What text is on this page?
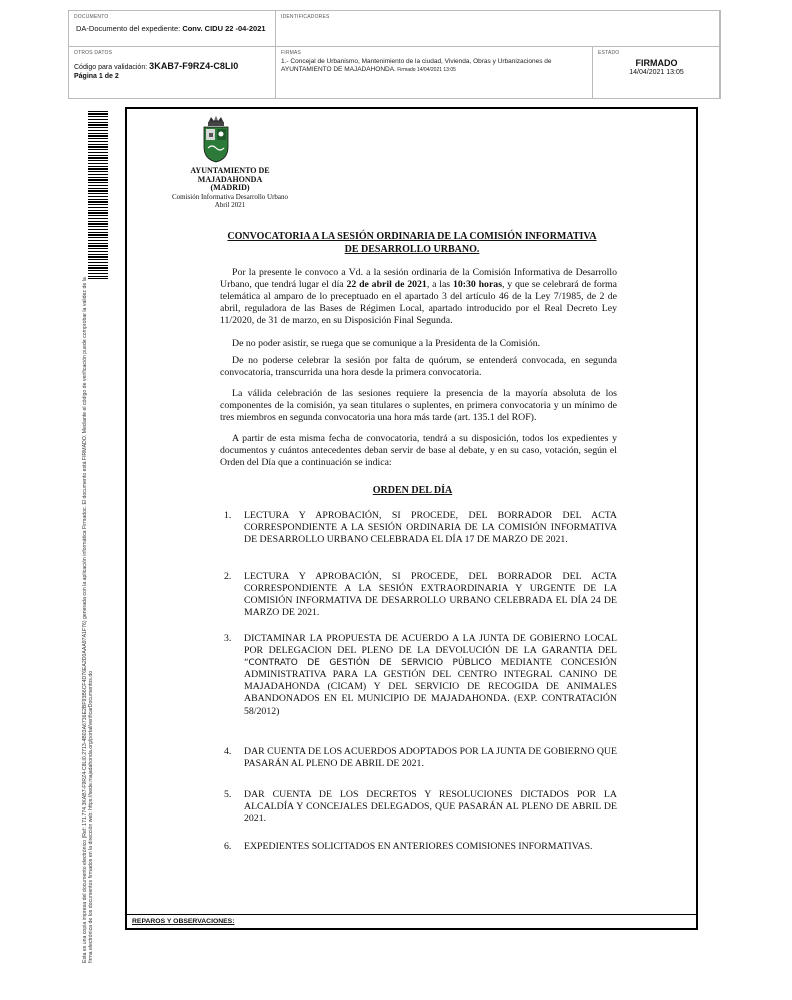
DOCUMENTO
DA-Documento del expediente: Conv. CIDU 22 -04-2021
IDENTIFICADORES
OTROS DATOS
Código para validación: 3KAB7-F9RZ4-C8LI0
Página 1 de 2
FIRMAS
1.- Concejal de Urbanismo, Mantenimiento de la ciudad, Vivienda, Obras y Urbanizaciones de AYUNTAMIENTO DE MAJADAHONDA. Firmado 14/04/2021 13:05
ESTADO
FIRMADO
14/04/2021 13:05
Esta es una copia impresa del documento electrónico (Ref: 171.774.3KAB7-F9RZ4-C8LI0.2713-4B03A6736E2BF93B6CF4D76EA2D0AAA97A1F76) generada con la aplicación informática Firmadoc. El documento está FIRMADO. Mediante el código de verificación puede comprobar la validez de la firma electrónica de los documentos firmados en la dirección web: https://sede.majadahonda.org/portal/verificarDocumentos.do	REPAROS Y OBSERVACIONES:
AYUNTAMIENTO DE
MAJADAHONDA
(MADRID)
Comisión Informativa Desarrollo Urbano
Abril 2021
CONVOCATORIA A LA SESIÓN ORDINARIA DE LA COMISIÓN INFORMATIVA
DE DESARROLLO URBANO.
Por la presente le convoco a Vd. a la sesión ordinaria de la Comisión Informativa de Desarrollo Urbano, que tendrá lugar el día 22 de abril de 2021, a las 10:30 horas, y que se celebrará de forma telemática al amparo de lo preceptuado en el apartado 3 del artículo 46 de la Ley 7/1985, de 2 de abril, reguladora de las Bases de Régimen Local, apartado introducido por el Real Decreto Ley 11/2020, de 31 de marzo, en su Disposición Final Segunda.
De no poder asistir, se ruega que se comunique a la Presidenta de la Comisión.
De no poderse celebrar la sesión por falta de quórum, se entenderá convocada, en segunda convocatoria, transcurrida una hora desde la primera convocatoria.
La válida celebración de las sesiones requiere la presencia de la mayoría absoluta de los componentes de la comisión, ya sean titulares o suplentes, en primera convocatoria y un mínimo de tres miembros en segunda convocatoria una hora más tarde (art. 135.1 del ROF).
A partir de esta misma fecha de convocatoria, tendrá a su disposición, todos los expedientes y documentos y cuántos antecedentes deban servir de base al debate, y en su caso, votación, según el Orden del Día que a continuación se indica:
ORDEN DEL DÍA
1.	LECTURA Y APROBACIÓN, SI PROCEDE, DEL BORRADOR DEL ACTA CORRESPONDIENTE A LA SESIÓN ORDINARIA DE LA COMISIÓN INFORMATIVA DE DESARROLLO URBANO CELEBRADA EL DÍA 17 DE MARZO DE 2021.
2.	LECTURA Y APROBACIÓN, SI PROCEDE, DEL BORRADOR DEL ACTA CORRESPONDIENTE A LA SESIÓN EXTRAORDINARIA Y URGENTE DE LA COMISIÓN INFORMATIVA DE DESARROLLO URBANO CELEBRADA EL DÍA 24 DE MARZO DE 2021.
3.	DICTAMINAR LA PROPUESTA DE ACUERDO A LA JUNTA DE GOBIERNO LOCAL POR DELEGACION DEL PLENO DE LA DEVOLUCIÓN DE LA GARANTIA DEL “CONTRATO DE GESTIÓN DE SERVICIO PÚBLICO MEDIANTE CONCESIÓN ADMINISTRATIVA PARA LA GESTIÓN DEL CENTRO INTEGRAL CANINO DE MAJADAHONDA (CICAM) Y DEL SERVICIO DE RECOGIDA DE ANIMALES ABANDONADOS EN EL MUNICIPIO DE MAJADAHONDA. (EXP. CONTRATACIÓN 58/2012)
4.	DAR CUENTA DE LOS ACUERDOS ADOPTADOS POR LA JUNTA DE GOBIERNO QUE PASARÁN AL PLENO DE ABRIL DE 2021.
5.	DAR CUENTA DE LOS DECRETOS Y RESOLUCIONES DICTADOS POR LA ALCALDÍA Y CONCEJALES DELEGADOS, QUE PASARÁN AL PLENO DE ABRIL DE 2021.
6.	EXPEDIENTES SOLICITADOS EN ANTERIORES COMISIONES INFORMATIVAS.
